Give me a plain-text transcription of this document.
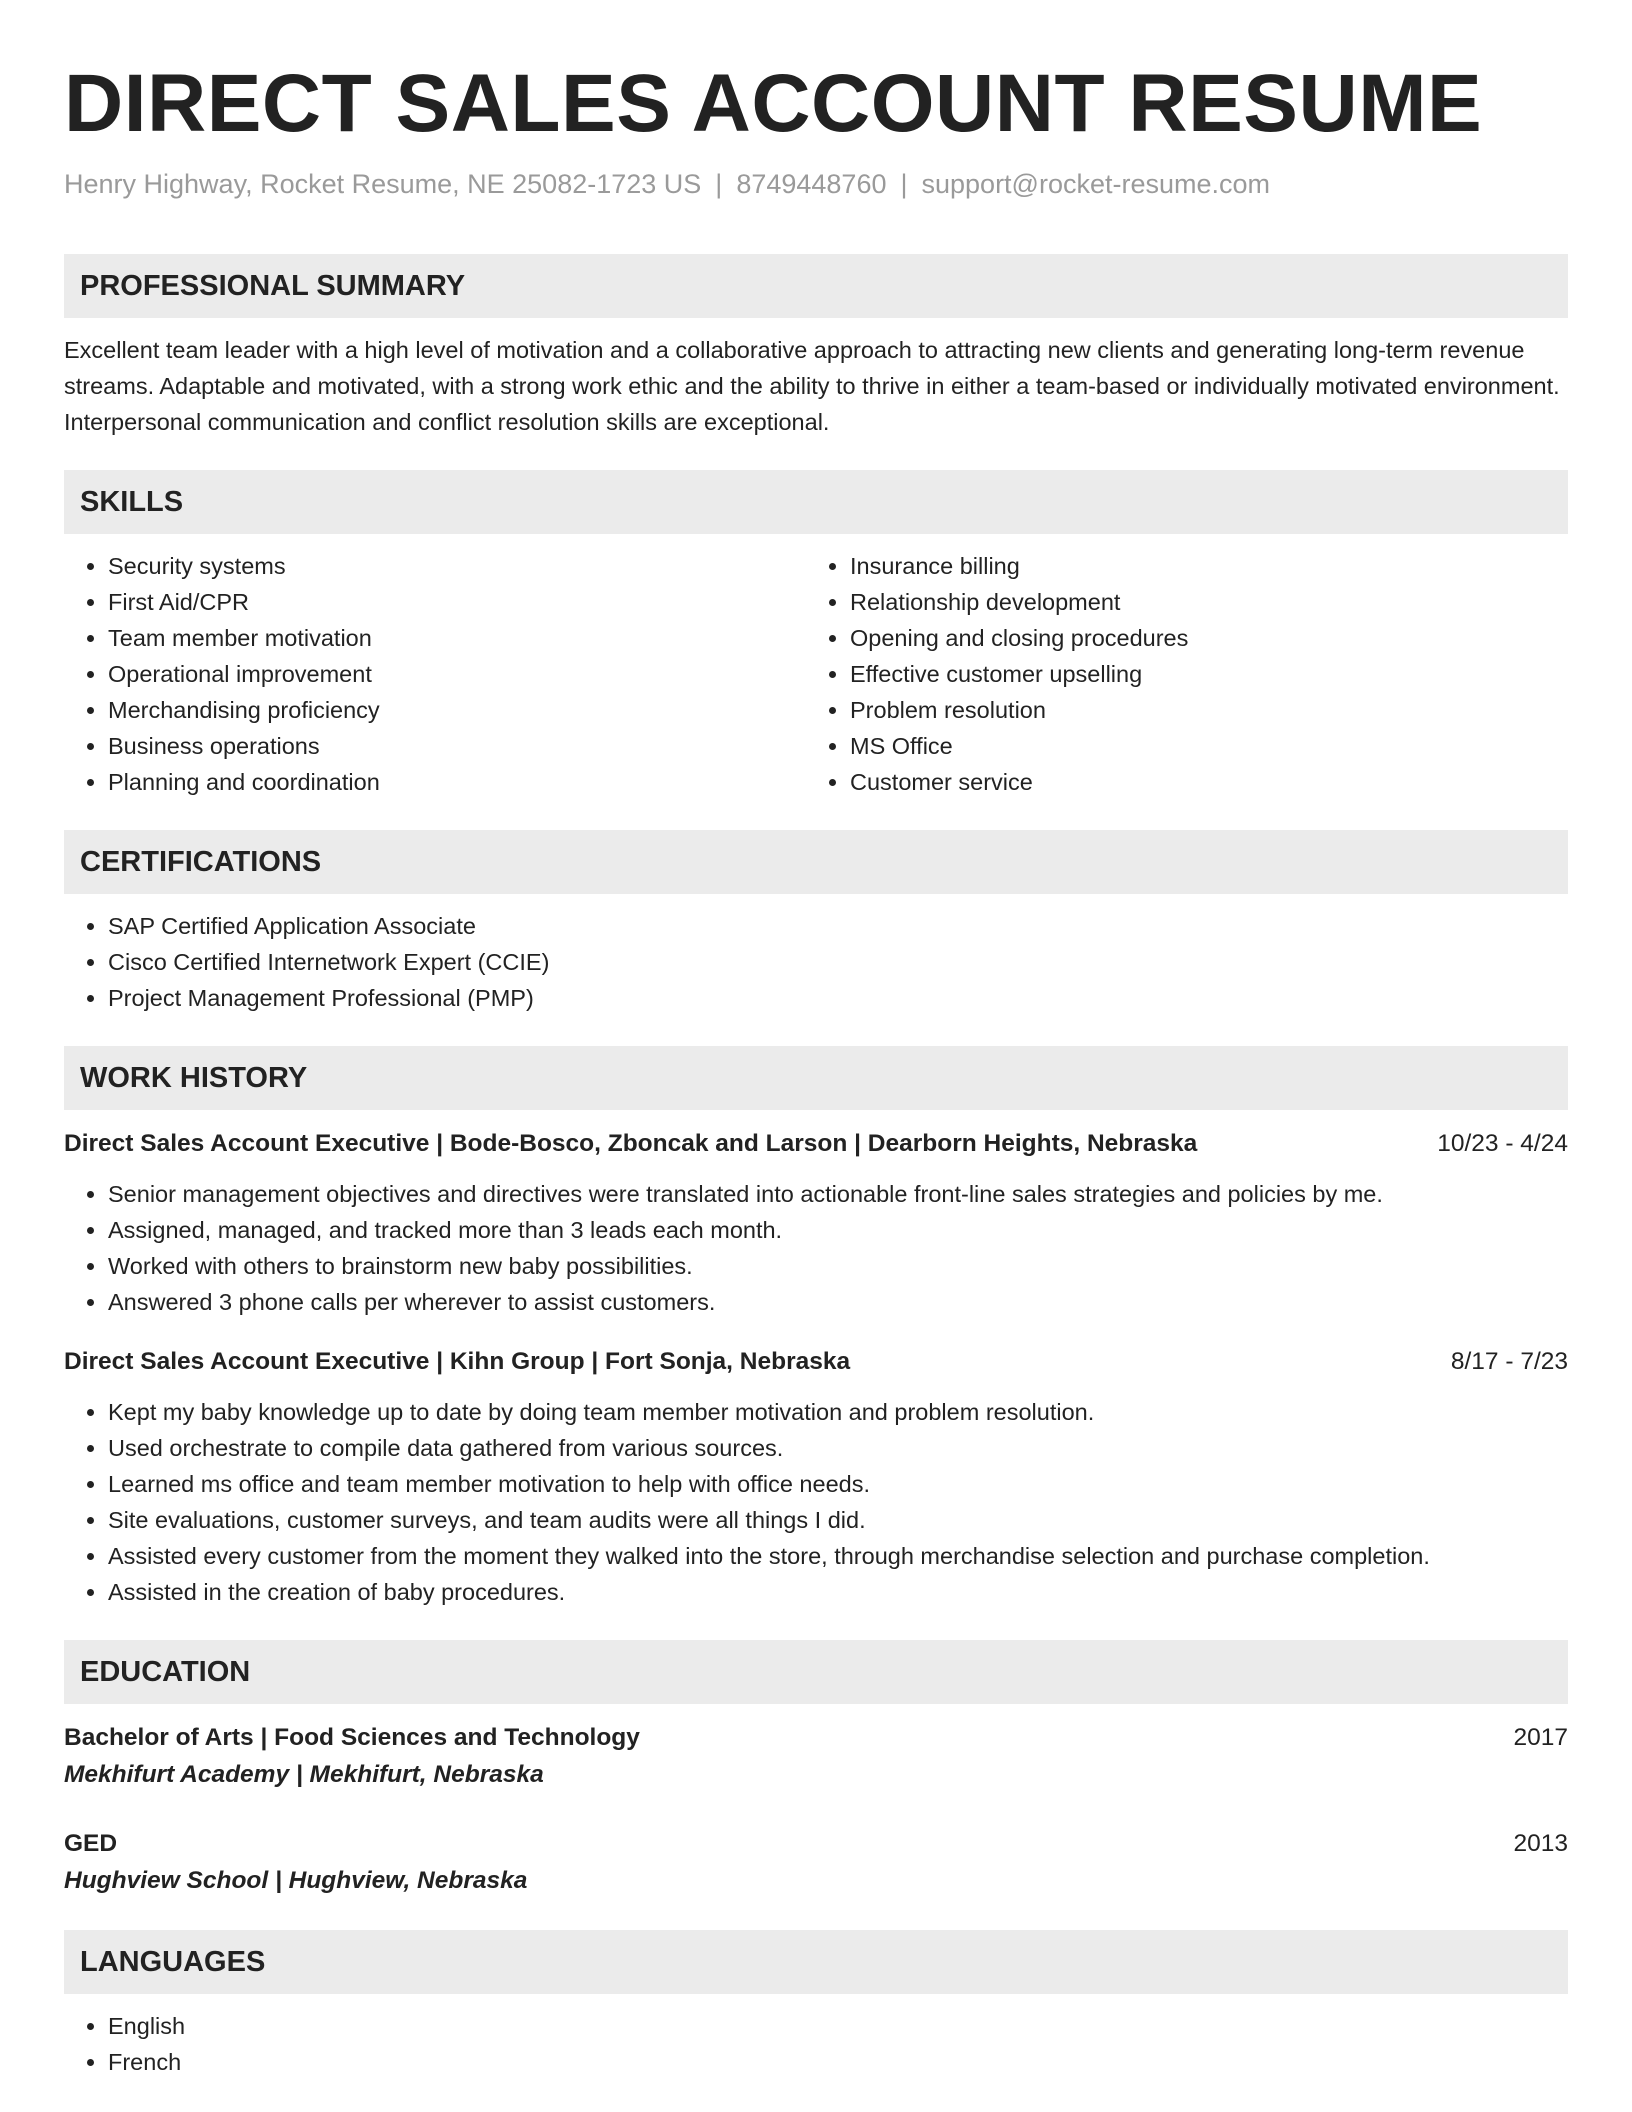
DIRECT SALES ACCOUNT RESUME
Henry Highway, Rocket Resume, NE 25082-1723 US | 8749448760 | support@rocket-resume.com
PROFESSIONAL SUMMARY

Excellent team leader with a high level of motivation and a collaborative approach to attracting new clients and generating long-term revenue streams. Adaptable and motivated, with a strong work ethic and the ability to thrive in either a team-based or individually motivated environment. Interpersonal communication and conflict resolution skills are exceptional.

SKILLS
• Security systems
• First Aid/CPR
• Team member motivation
• Operational improvement
• Merchandising proficiency
• Business operations
• Planning and coordination
• Insurance billing
• Relationship development
• Opening and closing procedures
• Effective customer upselling
• Problem resolution
• MS Office
• Customer service
CERTIFICATIONS
• SAP Certified Application Associate
• Cisco Certified Internetwork Expert (CCIE)
• Project Management Professional (PMP)
WORK HISTORY
Direct Sales Account Executive | Bode-Bosco, Zboncak and Larson | Dearborn Heights, Nebraska	10/23 - 4/24
• Senior management objectives and directives were translated into actionable front-line sales strategies and policies by me.
• Assigned, managed, and tracked more than 3 leads each month.
• Worked with others to brainstorm new baby possibilities.
• Answered 3 phone calls per wherever to assist customers.
Direct Sales Account Executive | Kihn Group | Fort Sonja, Nebraska	8/17 - 7/23
• Kept my baby knowledge up to date by doing team member motivation and problem resolution.
• Used orchestrate to compile data gathered from various sources.
• Learned ms office and team member motivation to help with office needs.
• Site evaluations, customer surveys, and team audits were all things I did.
• Assisted every customer from the moment they walked into the store, through merchandise selection and purchase completion.
• Assisted in the creation of baby procedures.
EDUCATION
Bachelor of Arts | Food Sciences and Technology	2017
Mekhifurt Academy | Mekhifurt, Nebraska
GED	2013
Hughview School | Hughview, Nebraska
LANGUAGES
• English
• French
